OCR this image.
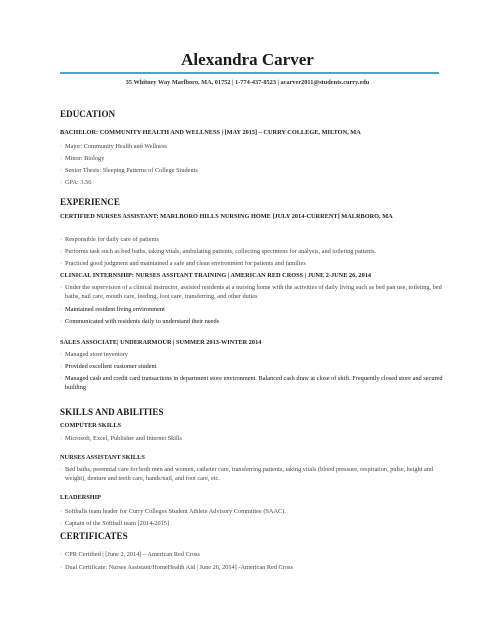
Alexandra Carver
35 Whitney Way Marlboro, MA, 01752 | 1-774-437-8523 | acarver2011@students.curry.edu
EDUCATION
BACHELOR: COMMUNITY HEALTH AND WELLNESS | [MAY 2015] – CURRY COLLEGE, MILTON, MA
· Major: Community Health and Wellness
· Minor: Biology
· Senior Thesis: Sleeping Patterns of College Students
· GPA: 3.56
EXPERIENCE
CERTIFIED NURSES ASSISTANT: MARLBORO HILLS NURSING HOME [JULY 2014-CURRENT] MALRBORO, MA
· Responsible for daily care of patients
· Performs task such as bed baths, taking vitals, ambulating patients, collecting specimens for analysis, and toileting patients.
· Practiced good judgment and maintained a safe and clean environment for patients and families
CLINICAL INTERNSHIP: NURSES ASSITANT TRAINING | AMERICAN RED CROSS | JUNE 2-JUNE 26, 2014
· Under the supervision of a clinical instructor, assisted residents at a nursing home with the activities of daily living such as bed pan use, toileting, bed baths, nail care, mouth care, feeding, foot care, transferring, and other duties
· Maintained resident living environment
· Communicated with residents daily to understand their needs
SALES ASSOCIATE| UNDERARMOUR | SUMMER 2013-WINTER 2014
· Managed store inventory
· Provided excellent customer student
· Managed cash and credit card transactions in department store environment. Balanced cash draw at close of shift. Frequently closed store and secured building
SKILLS AND ABILITIES
COMPUTER SKILLS
· Microsoft, Excel, Publisher and Internet Skills
NURSES ASSISTANT SKILLS
· Bed baths, perennial care for both men and women, catheter care, transferring patients, taking vitals (blood pressure, respiration, pulse, height and weight), denture and teeth care, hands/nail, and foot care, etc.
LEADERSHIP
· Softballs team leader for Curry Colleges Student Athlete Advisory Committee (SAAC).
· Captain of the Softball team [2014-2015]
CERTIFICATES
· CPR Certified | [June 2, 2014] – American Red Cross
· Dual Certificate: Nurses Assistant/HomeHealth Aid | June 26, 2014] -American Red Cross
